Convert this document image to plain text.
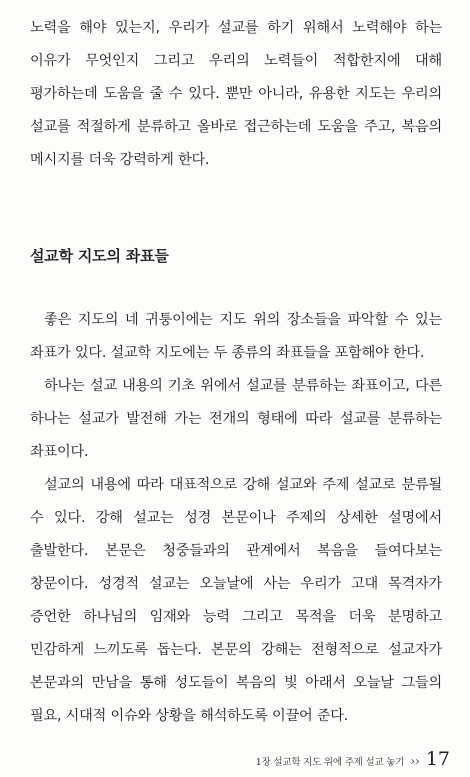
노력을 해야 있는지, 우리가 설교를 하기 위해서 노력해야 하는 이유가 무엇인지 그리고 우리의 노력들이 적합한지에 대해 평가하는데 도움을 줄 수 있다. 뿐만 아니라, 유용한 지도는 우리의 설교를 적절하게 분류하고 올바로 접근하는데 도움을 주고, 복음의 메시지를 더욱 강력하게 한다.

설교학 지도의 좌표들

좋은 지도의 네 귀퉁이에는 지도 위의 장소들을 파악할 수 있는 좌표가 있다. 설교학 지도에는 두 종류의 좌표들을 포함해야 한다.

하나는 설교 내용의 기초 위에서 설교를 분류하는 좌표이고, 다른 하나는 설교가 발전해 가는 전개의 형태에 따라 설교를 분류하는 좌표이다.

설교의 내용에 따라 대표적으로 강해 설교와 주제 설교로 분류될 수 있다. 강해 설교는 성경 본문이나 주제의 상세한 설명에서 출발한다. 본문은 청중들과의 관계에서 복음을 들여다보는 창문이다. 성경적 설교는 오늘날에 사는 우리가 고대 목격자가 증언한 하나님의 임재와 능력 그리고 목적을 더욱 분명하고 민감하게 느끼도록 돕는다. 본문의 강해는 전형적으로 설교자가 본문과의 만남을 통해 성도들이 복음의 빛 아래서 오늘날 그들의 필요, 시대적 이슈와 상황을 해석하도록 이끌어 준다.

1장 설교학 지도 위에 주제 설교 놓기 ›› 17
